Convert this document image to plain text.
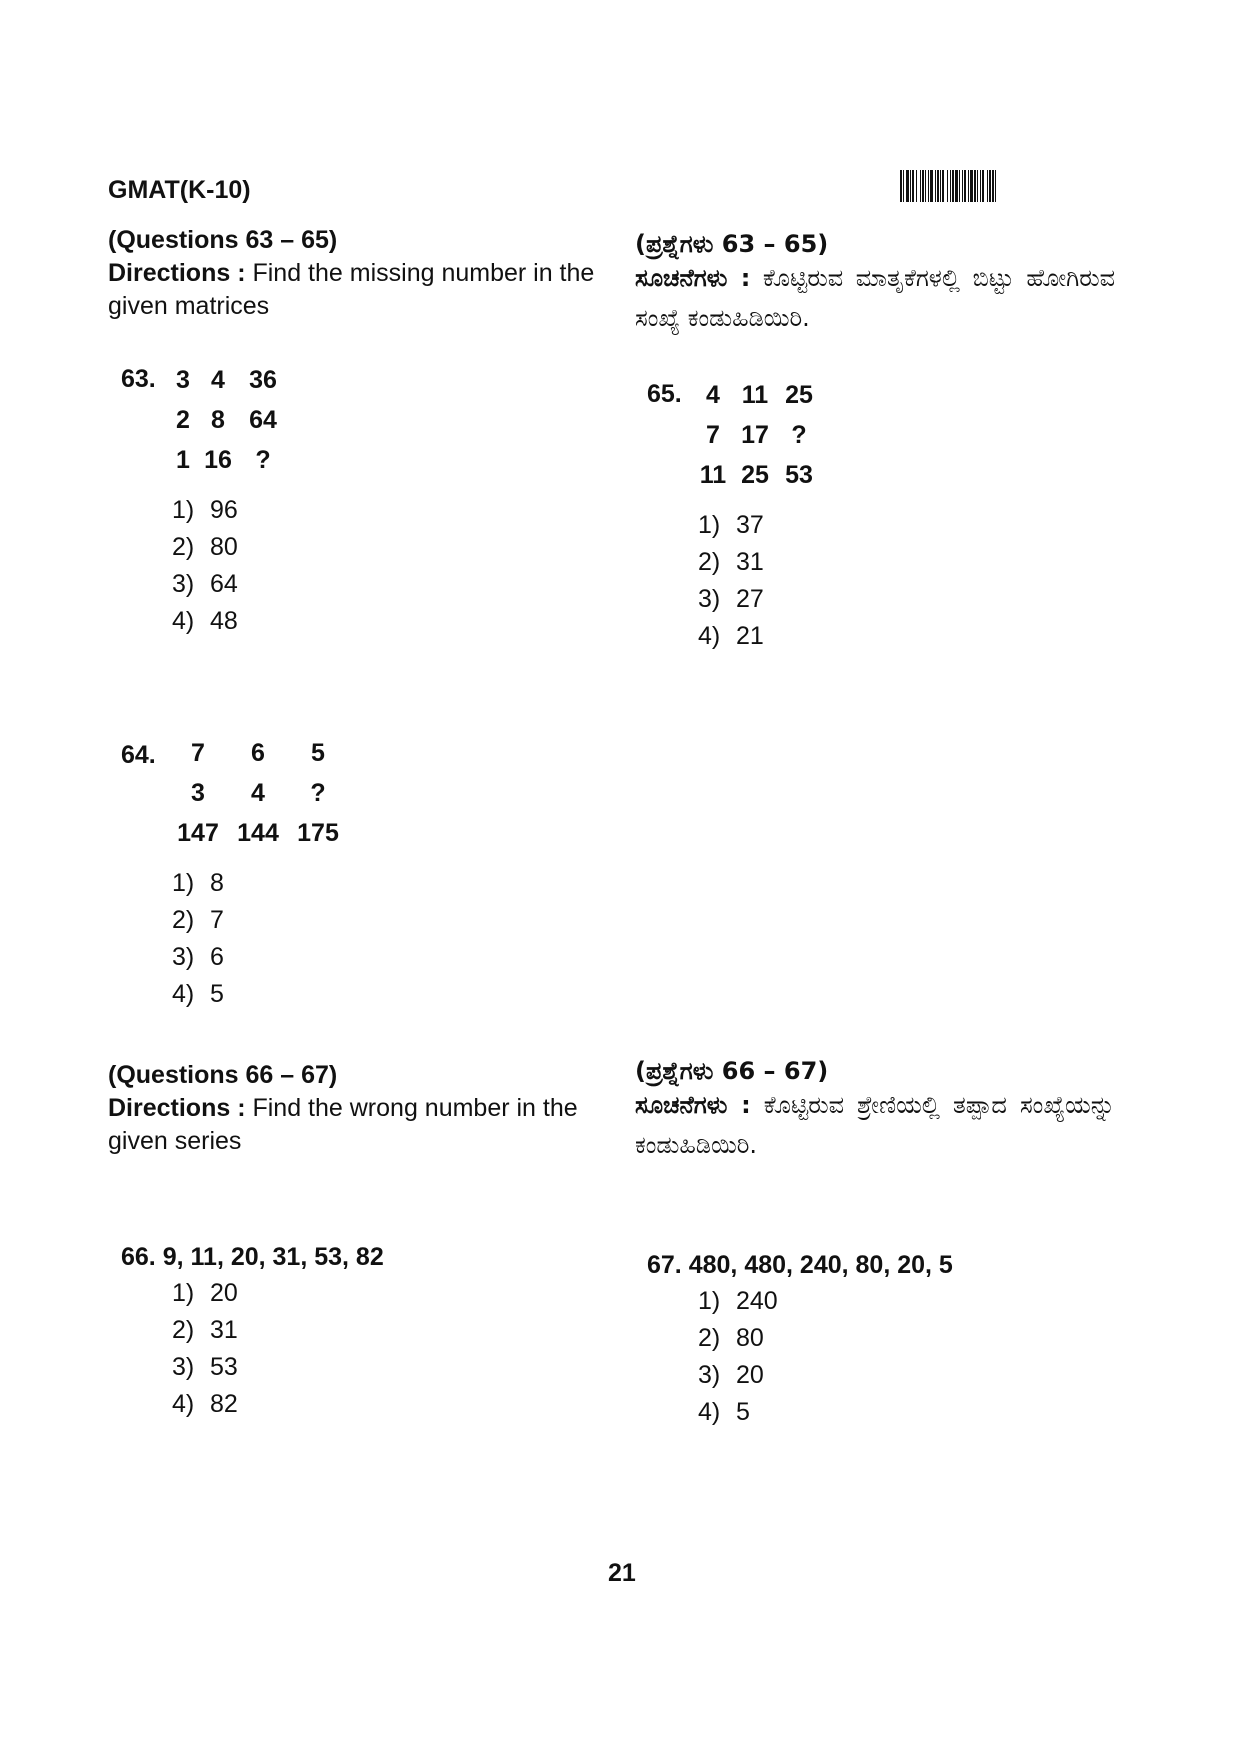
GMAT(K-10)
(Questions 63 – 65)
Directions : Find the missing number in the given matrices
(ಪ್ರಶ್ನೆಗಳು 63 – 65)
ಸೂಚನೆಗಳು : ಕೊಟ್ಟಿರುವ ಮಾತೃಕೆಗಳಲ್ಲಿ ಬಿಟ್ಟು ಹೋಗಿರುವ ಸಂಖ್ಯೆ ಕಂಡುಹಿಡಿಯಿರಿ.
63. 3 4 36
2 8 64
1 16 ?
1) 96
2) 80
3) 64
4) 48
65. 4 11 25
7 17 ?
11 25 53
1) 37
2) 31
3) 27
4) 21
64.	7	6	5
3	4	?
147 144 175
1) 8
2) 7
3) 6
4) 5
(Questions 66 – 67)
Directions : Find the wrong number in the given series
(ಪ್ರಶ್ನೆಗಳು 66 – 67)
ಸೂಚನೆಗಳು : ಕೊಟ್ಟಿರುವ ಶ್ರೇಣಿಯಲ್ಲಿ ತಪ್ಪಾದ ಸಂಖ್ಯೆಯನ್ನು ಕಂಡುಹಿಡಿಯಿರಿ.
66. 9, 11, 20, 31, 53, 82
1) 20
2) 31
3) 53
4) 82
67. 480, 480, 240, 80, 20, 5
1) 240
2) 80
3) 20
4) 5
21
